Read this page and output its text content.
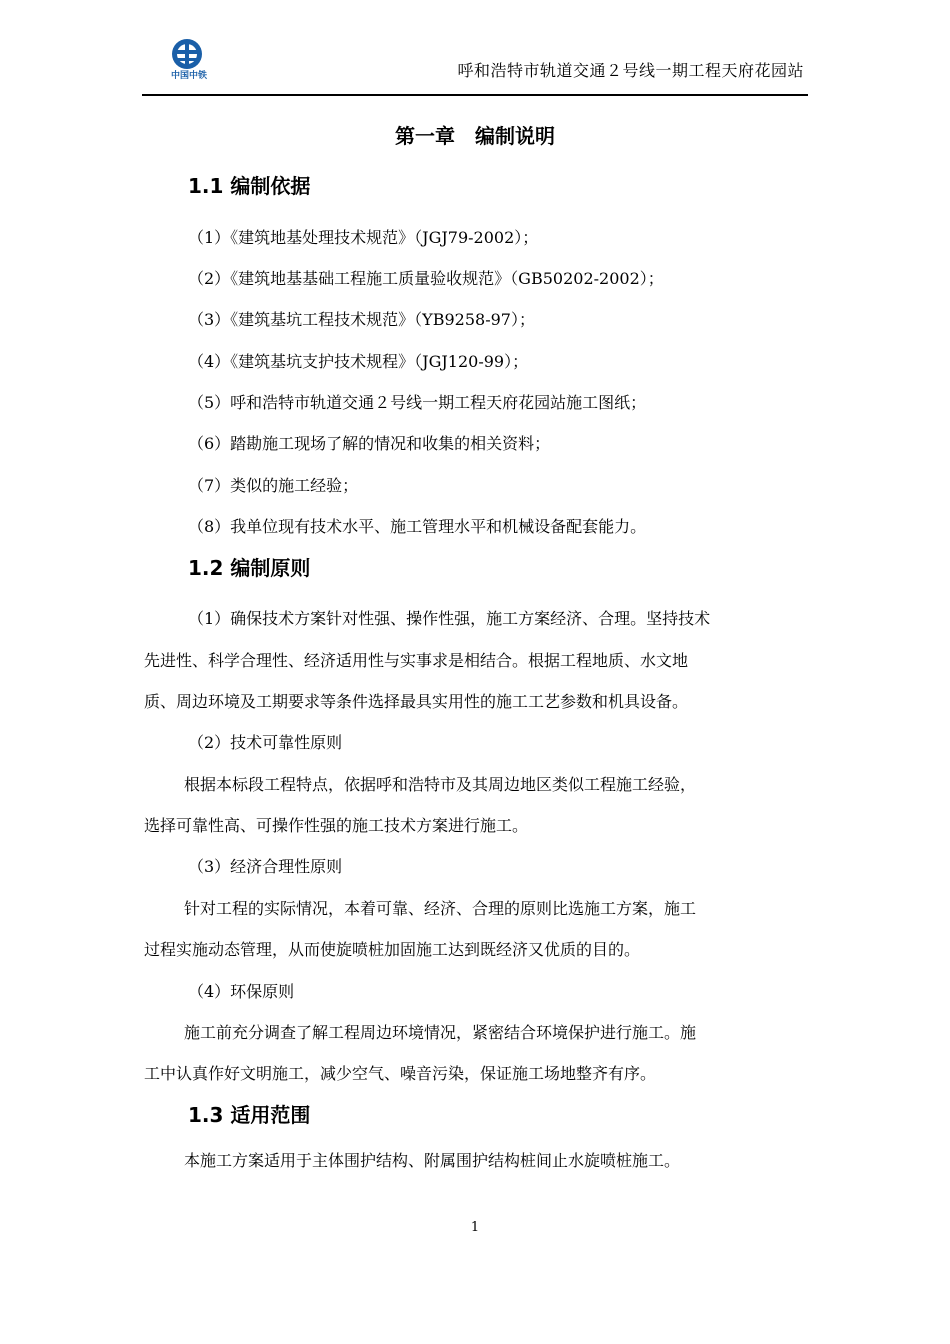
中国中铁	呼和浩特市轨道交通２号线一期工程天府花园站
第一章　编制说明
1.1 编制依据
（1）《建筑地基处理技术规范》（JGJ79-2002）；
（2）《建筑地基基础工程施工质量验收规范》（GB50202-2002）；
（3）《建筑基坑工程技术规范》（YB9258-97）；
（4）《建筑基坑支护技术规程》（JGJ120-99）；
（5）呼和浩特市轨道交通２号线一期工程天府花园站施工图纸；
（6）踏勘施工现场了解的情况和收集的相关资料；
（7）类似的施工经验；
（8）我单位现有技术水平、施工管理水平和机械设备配套能力。
1.2 编制原则
（1）确保技术方案针对性强、操作性强，施工方案经济、合理。坚持技术
先进性、科学合理性、经济适用性与实事求是相结合。根据工程地质、水文地
质、周边环境及工期要求等条件选择最具实用性的施工工艺参数和机具设备。
（2）技术可靠性原则
根据本标段工程特点，依据呼和浩特市及其周边地区类似工程施工经验，
选择可靠性高、可操作性强的施工技术方案进行施工。
（3）经济合理性原则
针对工程的实际情况，本着可靠、经济、合理的原则比选施工方案，施工
过程实施动态管理，从而使旋喷桩加固施工达到既经济又优质的目的。
（4）环保原则
施工前充分调查了解工程周边环境情况，紧密结合环境保护进行施工。施
工中认真作好文明施工，减少空气、噪音污染，保证施工场地整齐有序。
1.3 适用范围
本施工方案适用于主体围护结构、附属围护结构桩间止水旋喷桩施工。
1
